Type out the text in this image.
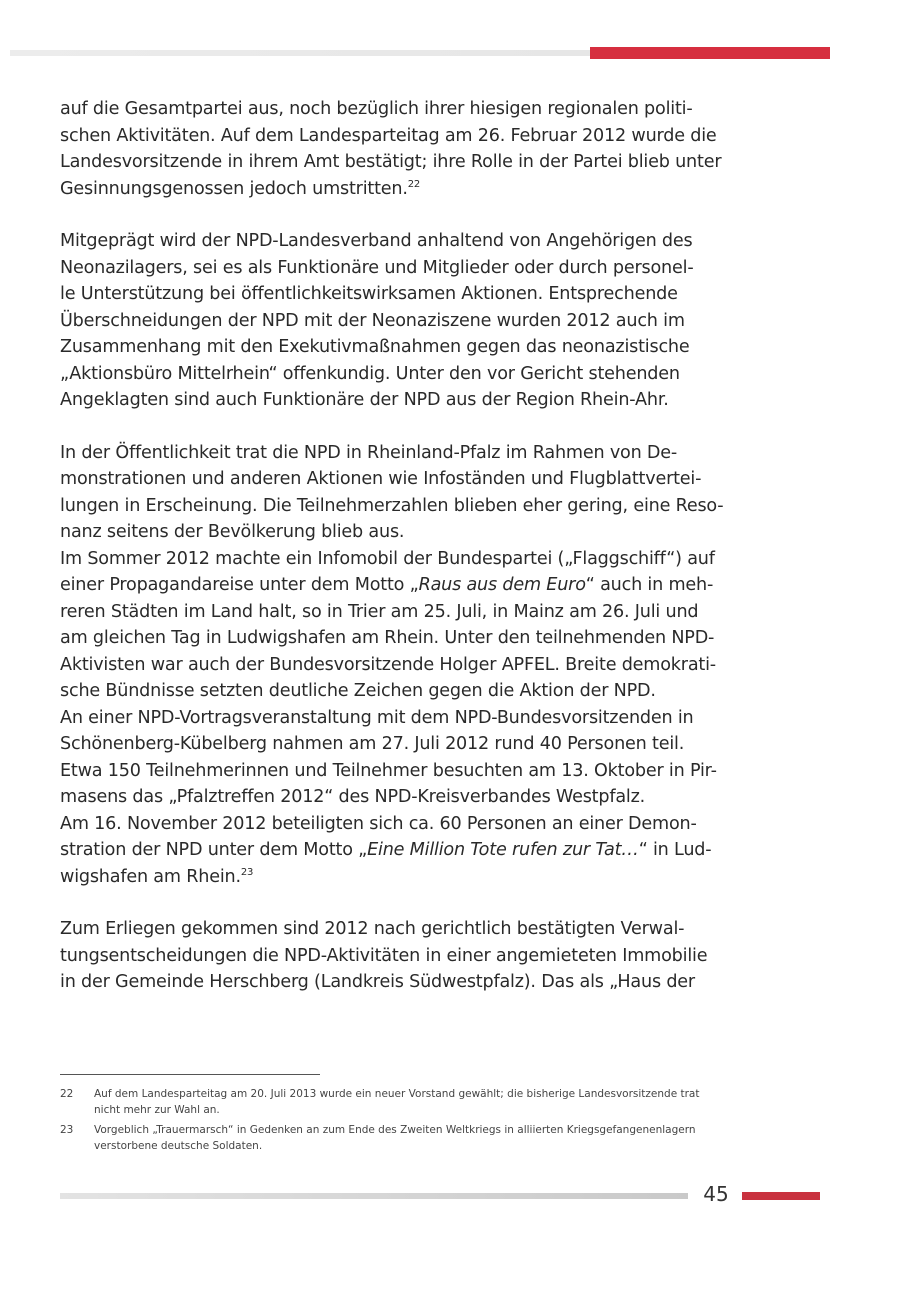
auf die Gesamtpartei aus, noch bezüglich ihrer hiesigen regionalen politi-
schen Aktivitäten. Auf dem Landesparteitag am 26. Februar 2012 wurde die
Landesvorsitzende in ihrem Amt bestätigt; ihre Rolle in der Partei blieb unter
Gesinnungsgenossen jedoch umstritten.$^{22}$

Mitgeprägt wird der NPD-Landesverband anhaltend von Angehörigen des
Neonazilagers, sei es als Funktionäre und Mitglieder oder durch personel-
le Unterstützung bei öffentlichkeitswirksamen Aktionen. Entsprechende
Überschneidungen der NPD mit der Neonaziszene wurden 2012 auch im
Zusammenhang mit den Exekutivmaßnahmen gegen das neonazistische
„Aktionsbüro Mittelrhein“ offenkundig. Unter den vor Gericht stehenden
Angeklagten sind auch Funktionäre der NPD aus der Region Rhein-Ahr.

In der Öffentlichkeit trat die NPD in Rheinland-Pfalz im Rahmen von De-
monstrationen und anderen Aktionen wie Infoständen und Flugblattvertei-
lungen in Erscheinung. Die Teilnehmerzahlen blieben eher gering, eine Reso-
nanz seitens der Bevölkerung blieb aus.

Im Sommer 2012 machte ein Infomobil der Bundespartei („Flaggschiff“) auf
einer Propagandareise unter dem Motto „Raus aus dem Euro“ auch in meh-
reren Städten im Land halt, so in Trier am 25. Juli, in Mainz am 26. Juli und
am gleichen Tag in Ludwigshafen am Rhein. Unter den teilnehmenden NPD-
Aktivisten war auch der Bundesvorsitzende Holger APFEL. Breite demokrati-
sche Bündnisse setzten deutliche Zeichen gegen die Aktion der NPD.

An einer NPD-Vortragsveranstaltung mit dem NPD-Bundesvorsitzenden in
Schönenberg-Kübelberg nahmen am 27. Juli 2012 rund 40 Personen teil.

Etwa 150 Teilnehmerinnen und Teilnehmer besuchten am 13. Oktober in Pir-
masens das „Pfalztreffen 2012“ des NPD-Kreisverbandes Westpfalz.

Am 16. November 2012 beteiligten sich ca. 60 Personen an einer Demon-
stration der NPD unter dem Motto „Eine Million Tote rufen zur Tat…“ in Lud-
wigshafen am Rhein.$^{23}$

Zum Erliegen gekommen sind 2012 nach gerichtlich bestätigten Verwal-
tungsentscheidungen die NPD-Aktivitäten in einer angemieteten Immobilie
in der Gemeinde Herschberg (Landkreis Südwestpfalz). Das als „Haus der

22	Auf dem Landesparteitag am 20. Juli 2013 wurde ein neuer Vorstand gewählt; die bisherige Landesvorsitzende trat
nicht mehr zur Wahl an.
23	Vorgeblich „Trauermarsch“ in Gedenken an zum Ende des Zweiten Weltkriegs in alliierten Kriegsgefangenenlagern
verstorbene deutsche Soldaten.
45
